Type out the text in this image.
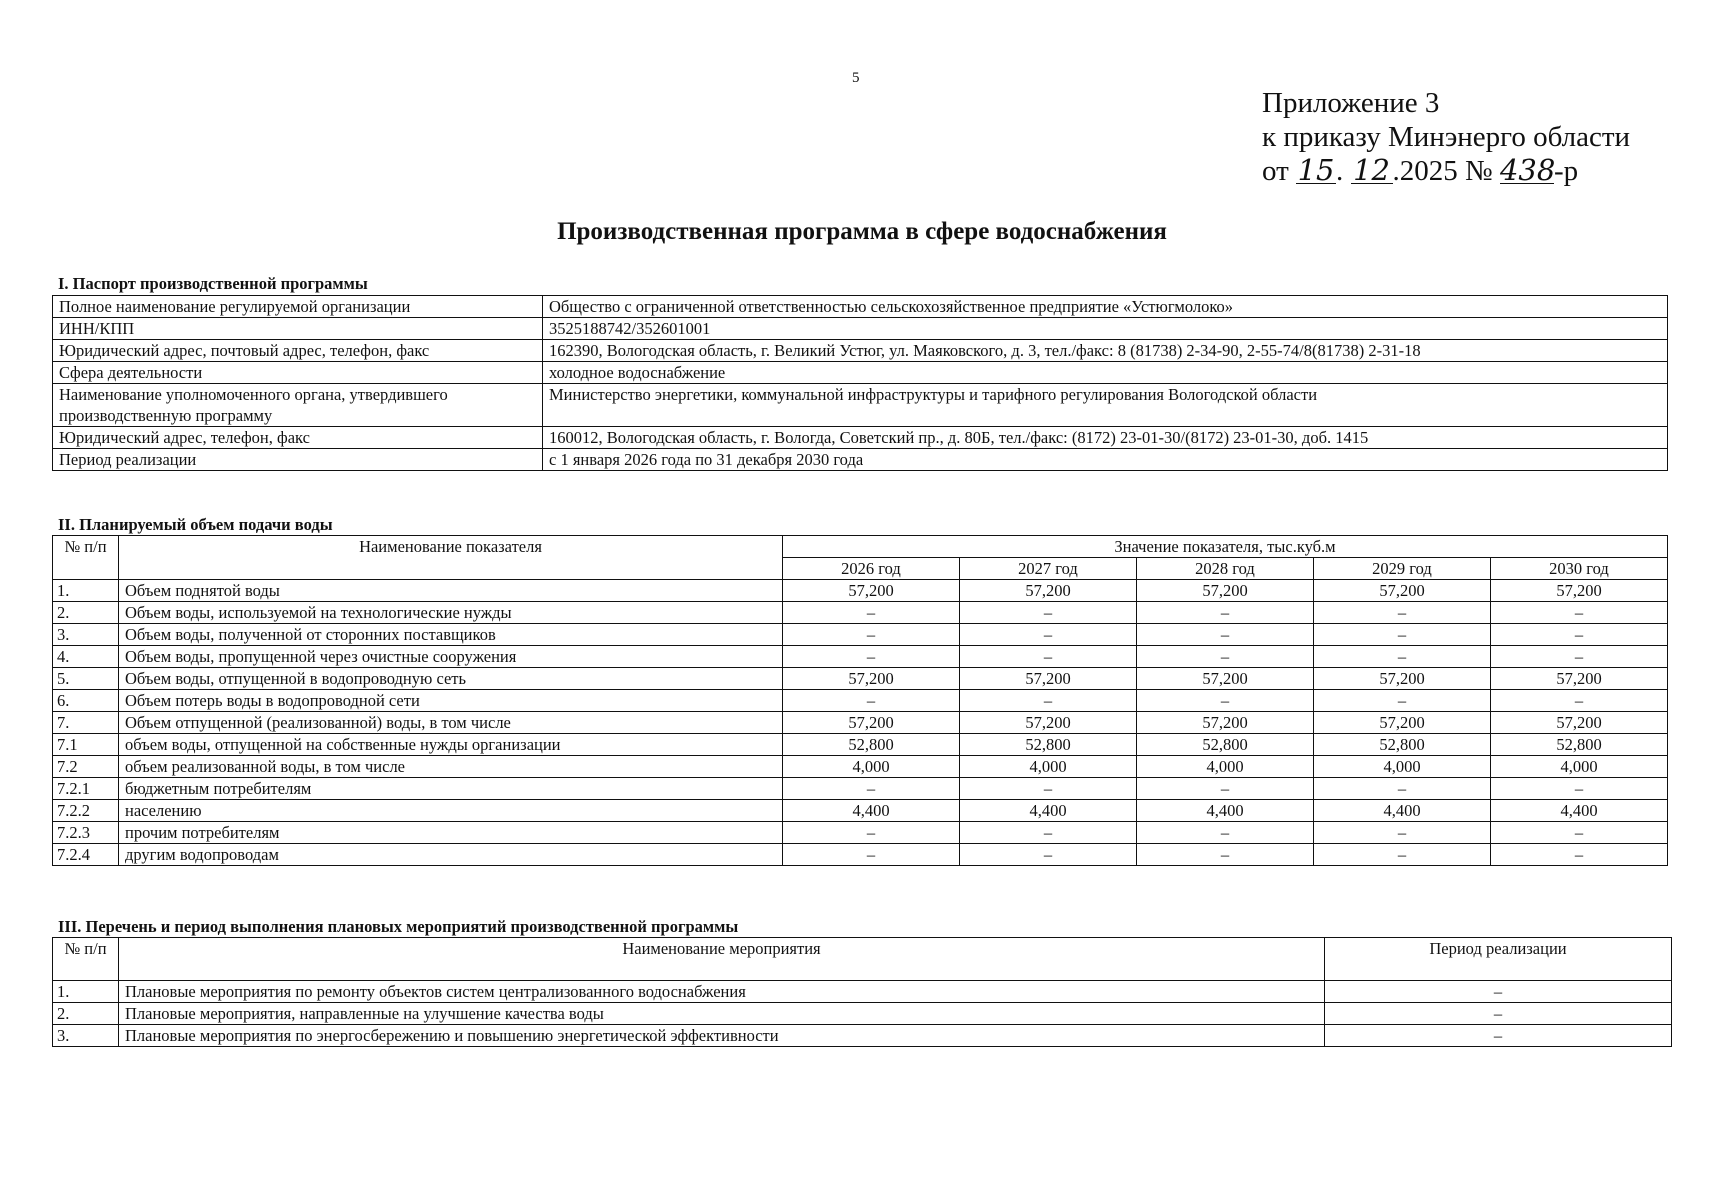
5
Приложение 3
к приказу Минэнерго области
от 15. 12.2025 № 438-р
Производственная программа в сфере водоснабжения
I. Паспорт производственной программы
Полное наименование регулируемой организации	Общество с ограниченной ответственностью сельскохозяйственное предприятие «Устюгмолоко»
ИНН/КПП	3525188742/352601001
Юридический адрес, почтовый адрес, телефон, факс	162390, Вологодская область, г. Великий Устюг, ул. Маяковского, д. 3, тел./факс: 8 (81738) 2-34-90, 2-55-74/8(81738) 2-31-18
Сфера деятельности	холодное водоснабжение
Наименование уполномоченного органа, утвердившего производственную программу	Министерство энергетики, коммунальной инфраструктуры и тарифного регулирования Вологодской области
Юридический адрес, телефон, факс	160012, Вологодская область, г. Вологда, Советский пр., д. 80Б, тел./факс: (8172) 23-01-30/(8172) 23-01-30, доб. 1415
Период реализации	с 1 января 2026 года по 31 декабря 2030 года
II. Планируемый объем подачи воды
№ п/п	Наименование показателя	Значение показателя, тыс.куб.м				
		2026 год	2027 год	2028 год	2029 год	2030 год
1.	Объем поднятой воды	57,200	57,200	57,200	57,200	57,200
2.	Объем воды, используемой на технологические нужды	–	–	–	–	–
3.	Объем воды, полученной от сторонних поставщиков	–	–	–	–	–
4.	Объем воды, пропущенной через очистные сооружения	–	–	–	–	–
5.	Объем воды, отпущенной в водопроводную сеть	57,200	57,200	57,200	57,200	57,200
6.	Объем потерь воды в водопроводной сети	–	–	–	–	–
7.	Объем отпущенной (реализованной) воды, в том числе	57,200	57,200	57,200	57,200	57,200
7.1	объем воды, отпущенной на собственные нужды организации	52,800	52,800	52,800	52,800	52,800
7.2	объем реализованной воды, в том числе	4,000	4,000	4,000	4,000	4,000
7.2.1	бюджетным потребителям	–	–	–	–	–
7.2.2	населению	4,400	4,400	4,400	4,400	4,400
7.2.3	прочим потребителям	–	–	–	–	–
7.2.4	другим водопроводам	–	–	–	–	–
III. Перечень и период выполнения плановых мероприятий производственной программы
№ п/п	Наименование мероприятия	Период реализации
1.	Плановые мероприятия по ремонту объектов систем централизованного водоснабжения	–
2.	Плановые мероприятия, направленные на улучшение качества воды	–
3.	Плановые мероприятия по энергосбережению и повышению энергетической эффективности	–
